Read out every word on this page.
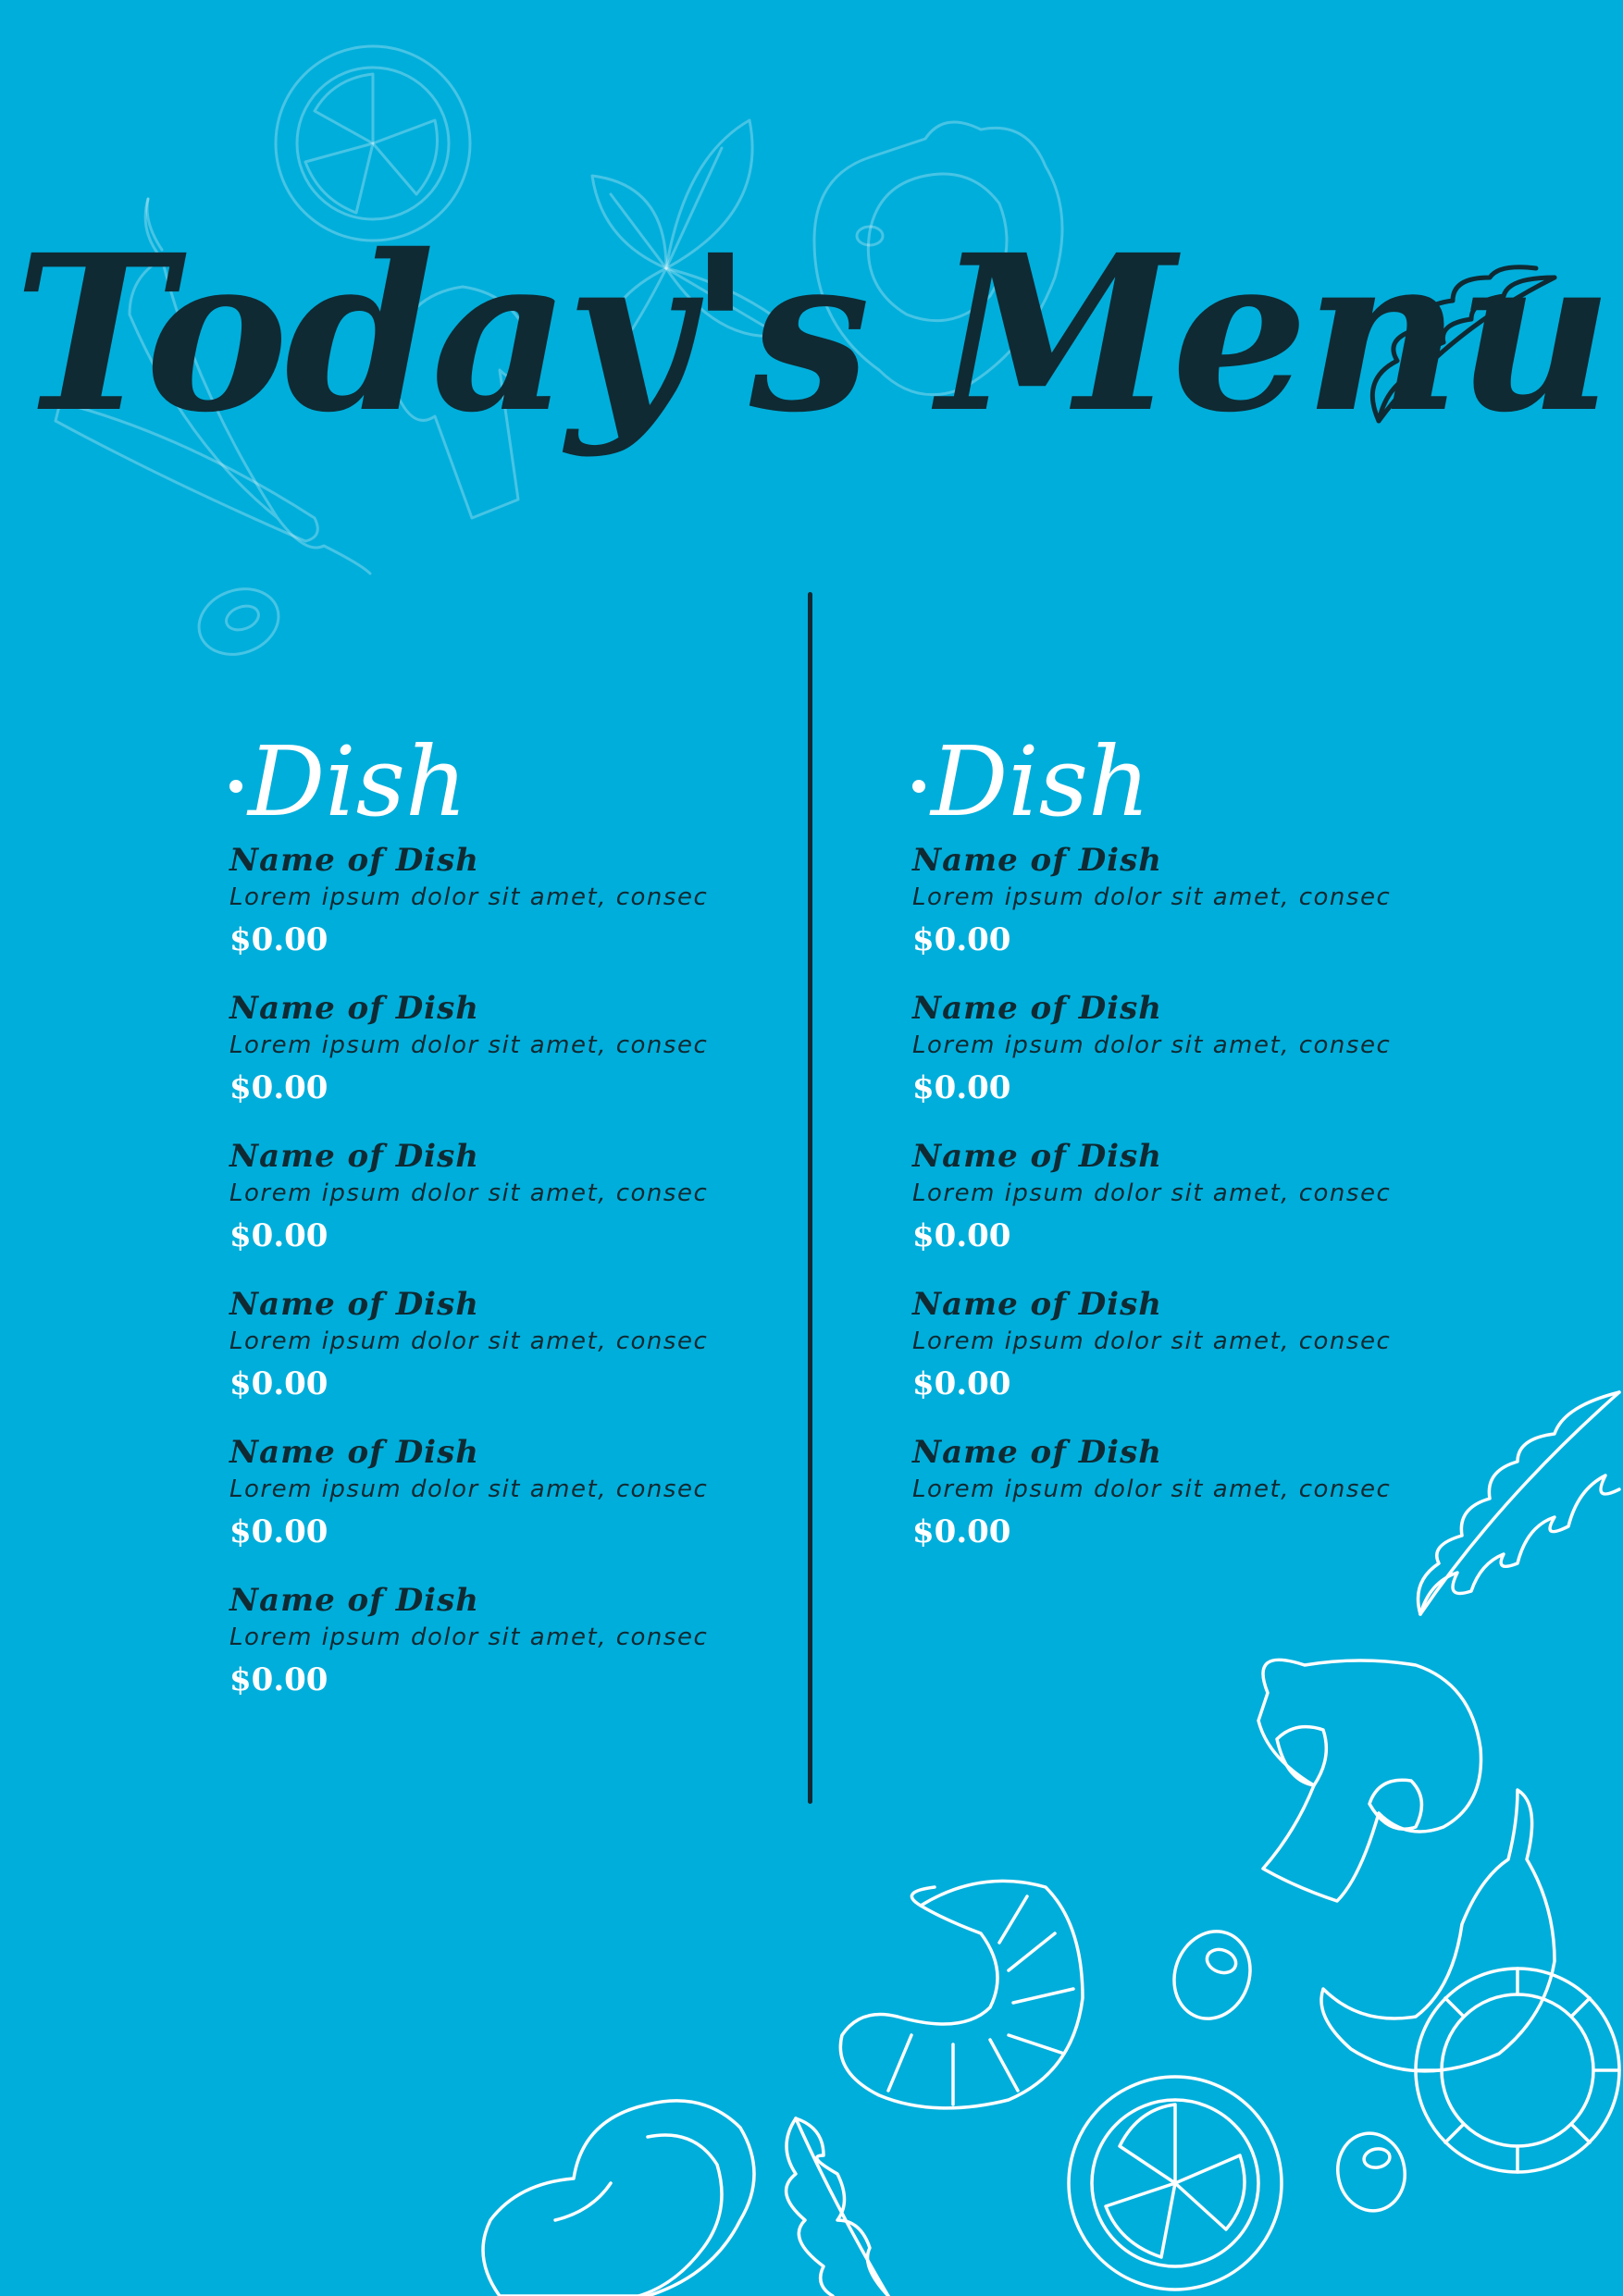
Today's Menu
Dish
Name of Dish
Lorem ipsum dolor sit amet, consec
$0.00
Name of Dish
Lorem ipsum dolor sit amet, consec
$0.00
Name of Dish
Lorem ipsum dolor sit amet, consec
$0.00
Name of Dish
Lorem ipsum dolor sit amet, consec
$0.00
Name of Dish
Lorem ipsum dolor sit amet, consec
$0.00
Name of Dish
Lorem ipsum dolor sit amet, consec
$0.00
Dish
Name of Dish
Lorem ipsum dolor sit amet, consec
$0.00
Name of Dish
Lorem ipsum dolor sit amet, consec
$0.00
Name of Dish
Lorem ipsum dolor sit amet, consec
$0.00
Name of Dish
Lorem ipsum dolor sit amet, consec
$0.00
Name of Dish
Lorem ipsum dolor sit amet, consec
$0.00
